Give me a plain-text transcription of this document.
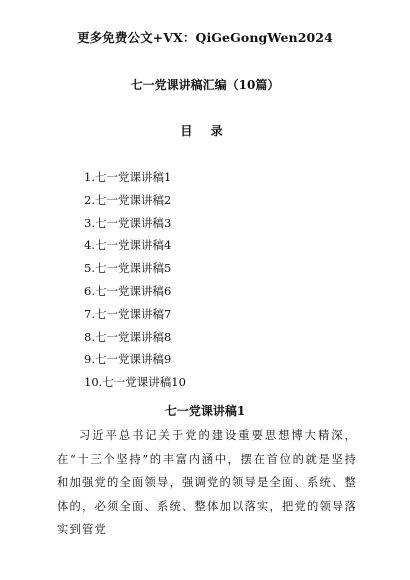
更多免费公文+VX：QiGeGongWen2024
七一党课讲稿汇编（10篇）
目 录
1.七一党课讲稿1
2.七一党课讲稿2
3.七一党课讲稿3
4.七一党课讲稿4
5.七一党课讲稿5
6.七一党课讲稿6
7.七一党课讲稿7
8.七一党课讲稿8
9.七一党课讲稿9
10.七一党课讲稿10
七一党课讲稿1

习近平总书记关于党的建设重要思想博大精深，在“十三个坚持”的丰富内涵中，摆在首位的就是坚持和加强党的全面领导，强调党的领导是全面、系统、整体的，必须全面、系统、整体加以落实，把党的领导落实到管党
